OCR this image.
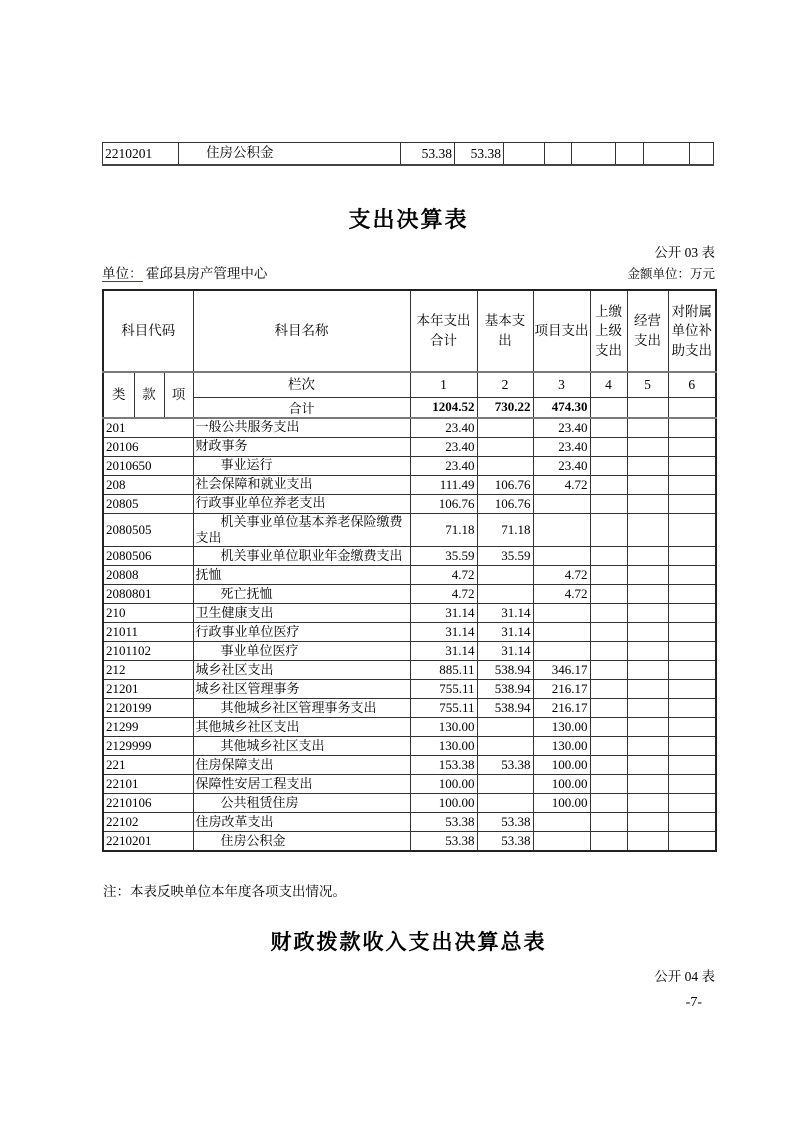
2210201	住房公积金	53.38	53.38						
支出决算表
公开 03 表
单位： 霍邱县房产管理中心	金额单位：万元
科目代码			科目名称	本年支出合计	基本支出	项目支出	上缴上级支出	经营支出	对附属单位补助支出
类	款	项	栏次	1	2	3	4	5	6
			合计	1204.52	730.22	474.30			
201			一般公共服务支出	23.40		23.40			
20106			财政事务	23.40		23.40			
2010650			事业运行	23.40		23.40			
208			社会保障和就业支出	111.49	106.76	4.72			
20805			行政事业单位养老支出	106.76	106.76				
2080505			机关事业单位基本养老保险缴费支出	71.18	71.18				
2080506			机关事业单位职业年金缴费支出	35.59	35.59				
20808			抚恤	4.72		4.72			
2080801			死亡抚恤	4.72		4.72			
210			卫生健康支出	31.14	31.14				
21011			行政事业单位医疗	31.14	31.14				
2101102			事业单位医疗	31.14	31.14				
212			城乡社区支出	885.11	538.94	346.17			
21201			城乡社区管理事务	755.11	538.94	216.17			
2120199			其他城乡社区管理事务支出	755.11	538.94	216.17			
21299			其他城乡社区支出	130.00		130.00			
2129999			其他城乡社区支出	130.00		130.00			
221			住房保障支出	153.38	53.38	100.00			
22101			保障性安居工程支出	100.00		100.00			
2210106			公共租赁住房	100.00		100.00			
22102			住房改革支出	53.38	53.38				
2210201			住房公积金	53.38	53.38				
注：本表反映单位本年度各项支出情况。
财政拨款收入支出决算总表
公开 04 表
-7-
